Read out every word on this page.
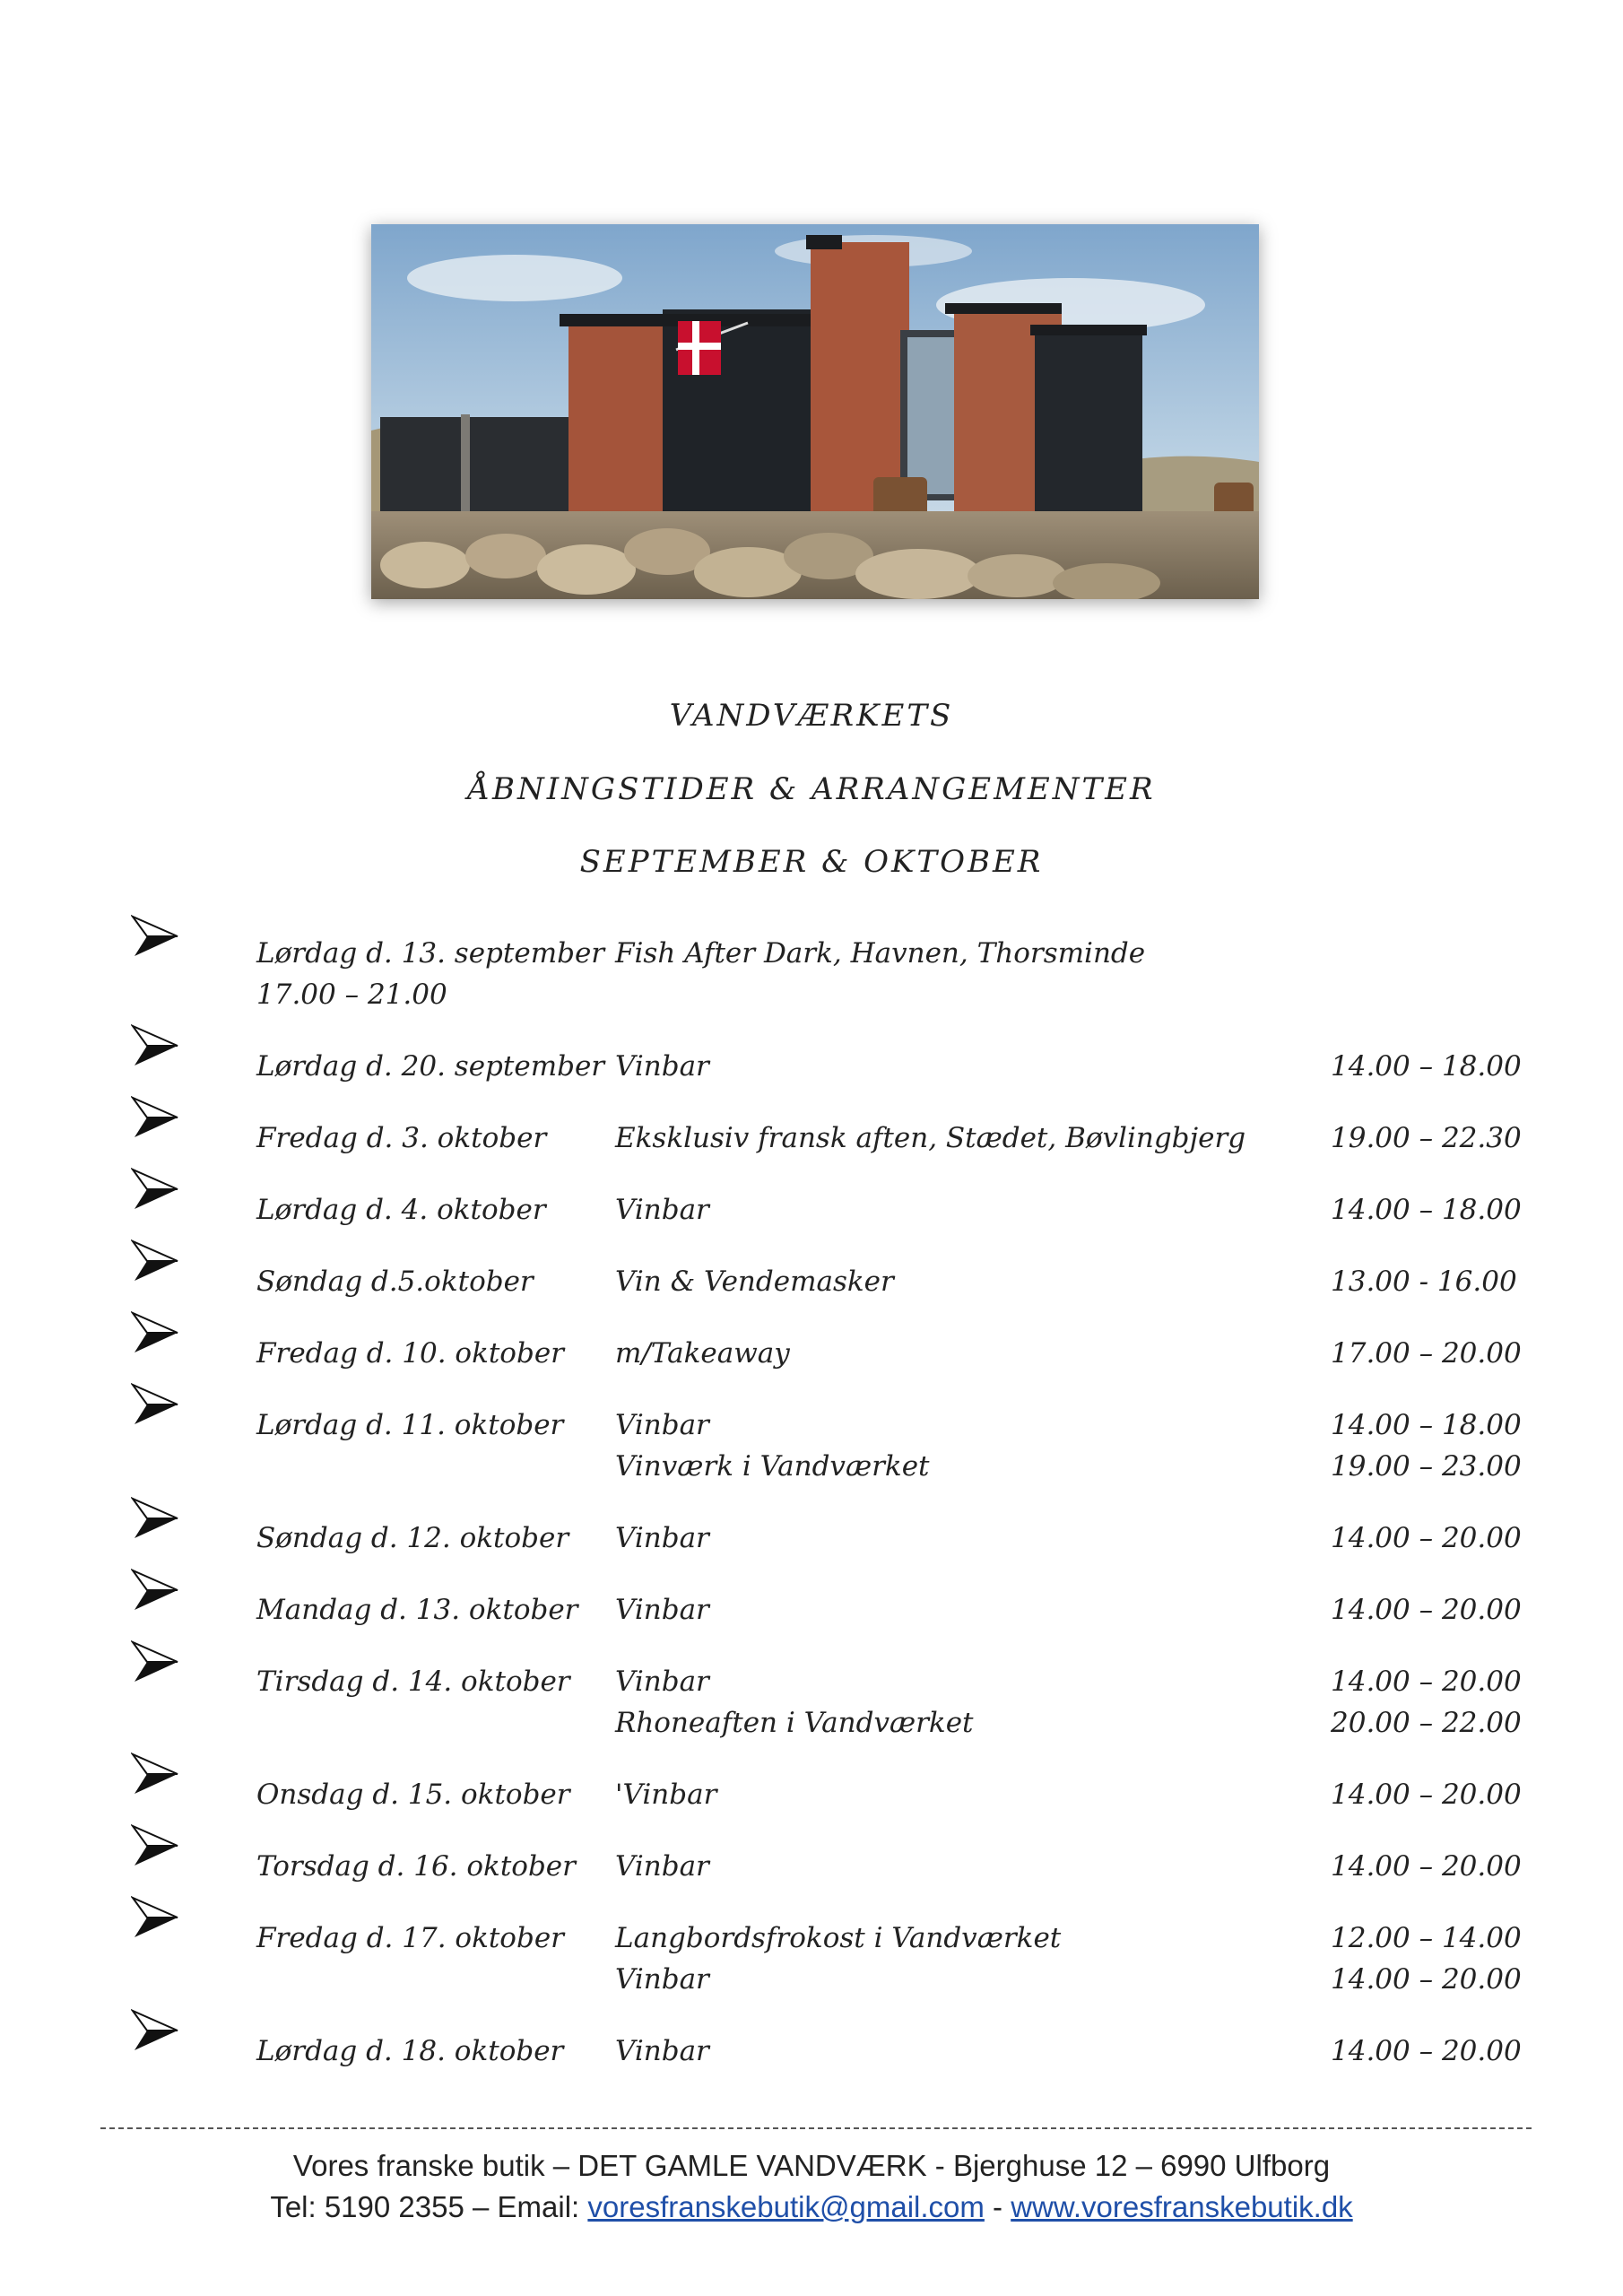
VANDVÆRKETS
ÅBNINGSTIDER & ARRANGEMENTER
SEPTEMBER & OKTOBER
Lørdag d. 13. september Fish After Dark, Havnen, Thorsminde
17.00 – 21.00
Lørdag d. 20. september Vinbar	14.00 – 18.00
Fredag d. 3. oktober Eksklusiv fransk aften, Stædet, Bøvlingbjerg	19.00 – 22.30
Lørdag d. 4. oktober Vinbar	14.00 – 18.00
Søndag d.5.oktober	Vin & Vendemasker	13.00 - 16.00
Fredag d. 10. oktober m/Takeaway	17.00 – 20.00
Lørdag d. 11. oktober Vinbar	14.00 – 18.00
Vinværk i Vandværket	19.00 – 23.00
Søndag d. 12. oktober Vinbar	14.00 – 20.00
Mandag d. 13. oktober Vinbar	14.00 – 20.00
Tirsdag d. 14. oktober Vinbar	14.00 – 20.00
Rhoneaften i Vandværket	20.00 – 22.00
Onsdag d. 15. oktober 'Vinbar	14.00 – 20.00
Torsdag d. 16. oktober Vinbar	14.00 – 20.00
Fredag d. 17. oktober Langbordsfrokost i Vandværket	12.00 – 14.00
Vinbar	14.00 – 20.00
Lørdag d. 18. oktober Vinbar	14.00 – 20.00
Vores franske butik – DET GAMLE VANDVÆRK - Bjerghuse 12 – 6990 Ulfborg
Tel: 5190 2355 – Email: voresfranskebutik@gmail.com - www.voresfranskebutik.dk
